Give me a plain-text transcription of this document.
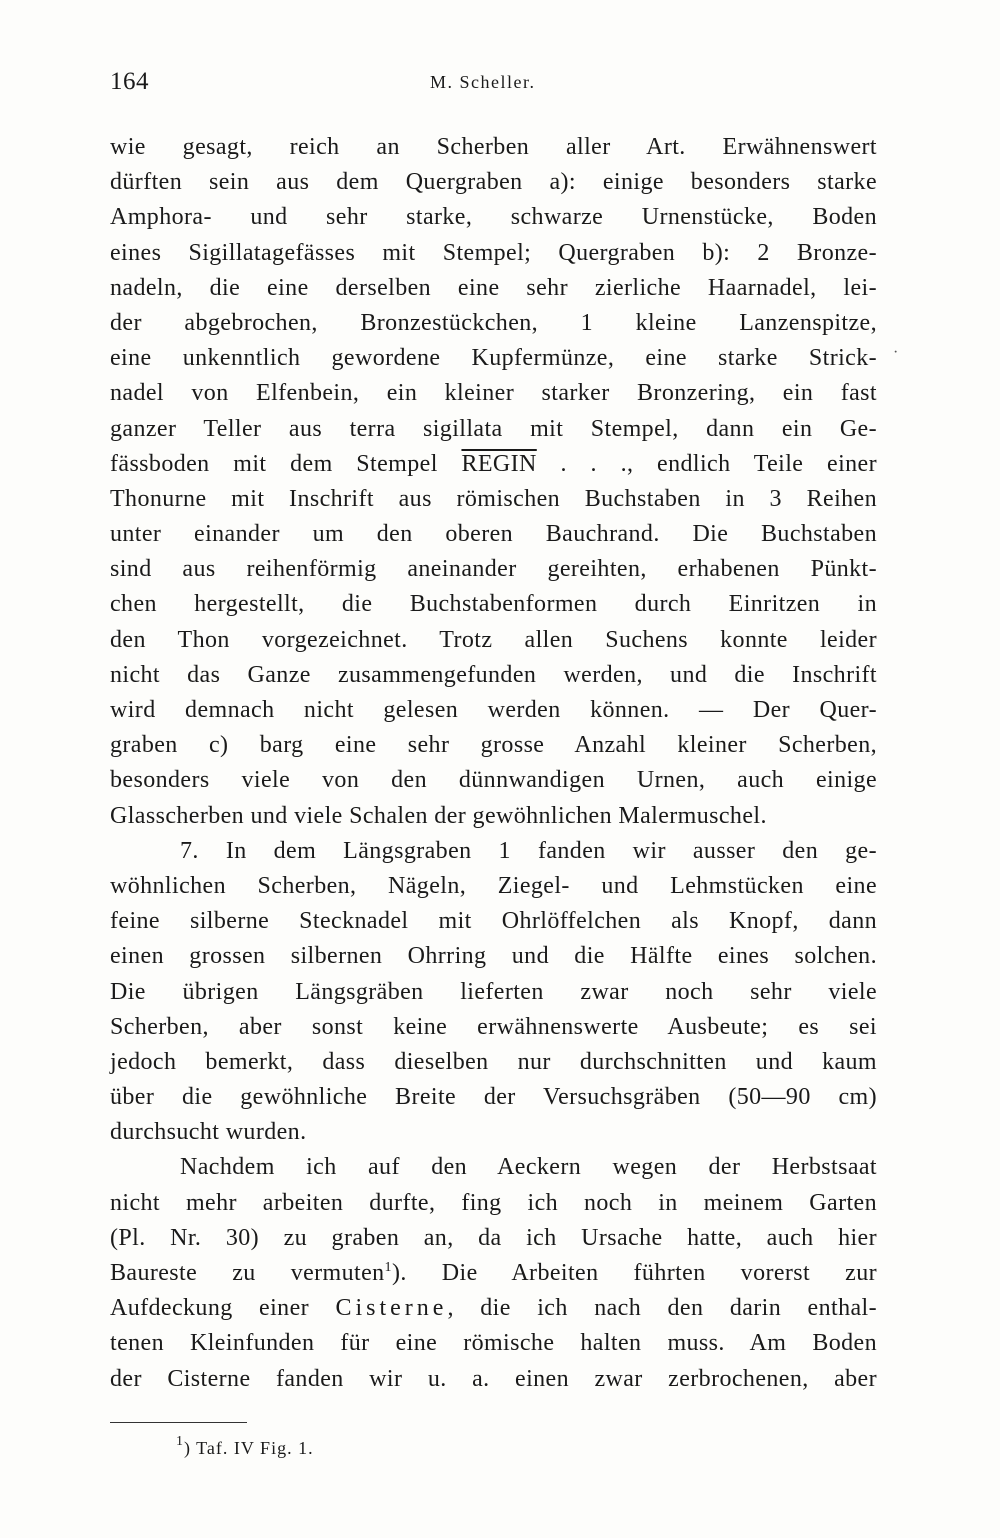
164	M. Scheller.
·
wie gesagt, reich an Scherben aller Art. Erwähnenswert
dürften sein aus dem Quergraben a): einige besonders starke
Amphora- und sehr starke, schwarze Urnenstücke, Boden
eines Sigillatagefässes mit Stempel; Quergraben b): 2 Bronze-
nadeln, die eine derselben eine sehr zierliche Haarnadel, lei-
der abgebrochen, Bronzestückchen, 1 kleine Lanzenspitze,
eine unkenntlich gewordene Kupfermünze, eine starke Strick-
nadel von Elfenbein, ein kleiner starker Bronzering, ein fast
ganzer Teller aus terra sigillata mit Stempel, dann ein Ge-
fässboden mit dem Stempel REGIN . . ., endlich Teile einer
Thonurne mit Inschrift aus römischen Buchstaben in 3 Reihen
unter einander um den oberen Bauchrand. Die Buchstaben
sind aus reihenförmig aneinander gereihten, erhabenen Pünkt-
chen hergestellt, die Buchstabenformen durch Einritzen in
den Thon vorgezeichnet. Trotz allen Suchens konnte leider
nicht das Ganze zusammengefunden werden, und die Inschrift
wird demnach nicht gelesen werden können. — Der Quer-
graben c) barg eine sehr grosse Anzahl kleiner Scherben,
besonders viele von den dünnwandigen Urnen, auch einige
Glasscherben und viele Schalen der gewöhnlichen Malermuschel.
7. In dem Längsgraben 1 fanden wir ausser den ge-
wöhnlichen Scherben, Nägeln, Ziegel- und Lehmstücken eine
feine silberne Stecknadel mit Ohrlöffelchen als Knopf, dann
einen grossen silbernen Ohrring und die Hälfte eines solchen.
Die übrigen Längsgräben lieferten zwar noch sehr viele
Scherben, aber sonst keine erwähnenswerte Ausbeute; es sei
jedoch bemerkt, dass dieselben nur durchschnitten und kaum
über die gewöhnliche Breite der Versuchsgräben (50—90 cm)
durchsucht wurden.
Nachdem ich auf den Aeckern wegen der Herbstsaat
nicht mehr arbeiten durfte, fing ich noch in meinem Garten
(Pl. Nr. 30) zu graben an, da ich Ursache hatte, auch hier
Baureste zu vermuten$^1$). Die Arbeiten führten vorerst zur
Aufdeckung einer Cisterne, die ich nach den darin enthal-
tenen Kleinfunden für eine römische halten muss. Am Boden
der Cisterne fanden wir u. a. einen zwar zerbrochenen, aber
$^1$) Taf. IV Fig. 1.
